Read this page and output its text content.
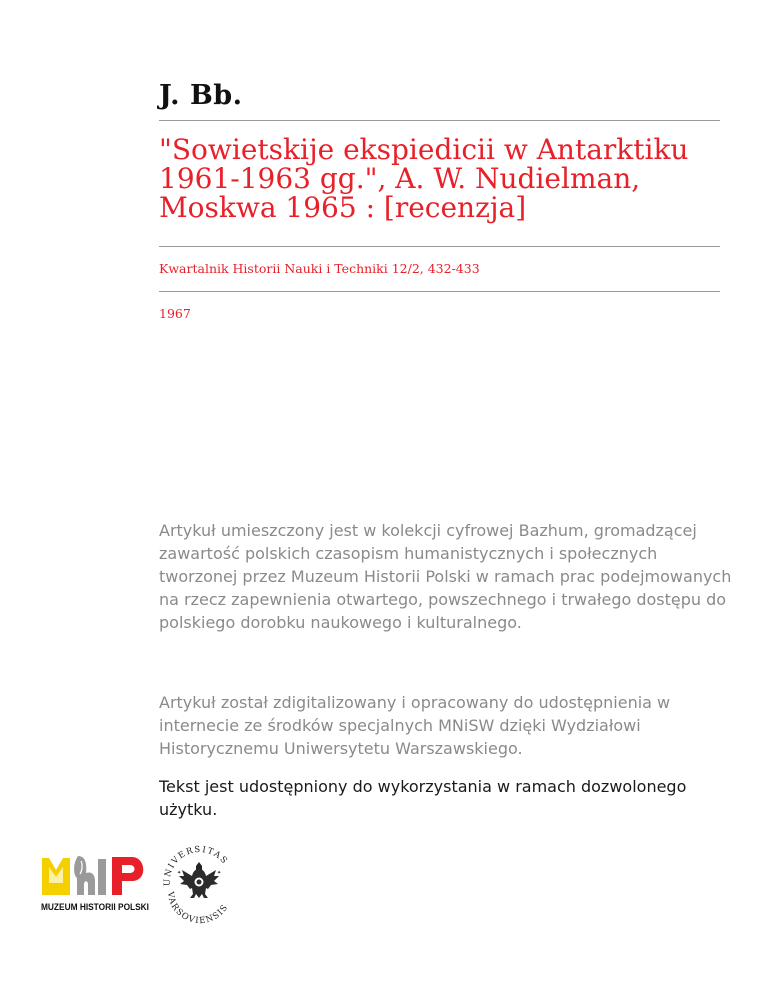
J. Bb.
"Sowietskije ekspiedicii w Antarktiku 1961-1963 gg.", A. W. Nudielman, Moskwa 1965 : [recenzja]

Kwartalnik Historii Nauki i Techniki 12/2, 432-433

1967

Artykuł umieszczony jest w kolekcji cyfrowej Bazhum, gromadzącej zawartość polskich czasopism humanistycznych i społecznych tworzonej przez Muzeum Historii Polski w ramach prac podejmowanych na rzecz zapewnienia otwartego, powszechnego i trwałego dostępu do polskiego dorobku naukowego i kulturalnego.

Artykuł został zdigitalizowany i opracowany do udostępnienia w internecie ze środków specjalnych MNiSW dzięki Wydziałowi Historycznemu Uniwersytetu Warszawskiego.

Tekst jest udostępniony do wykorzystania w ramach dozwolonego użytku.

MUZEUM HISTORII POLSKI
UNIVERSITAS
VARSOVIENSIS
✦	✦
